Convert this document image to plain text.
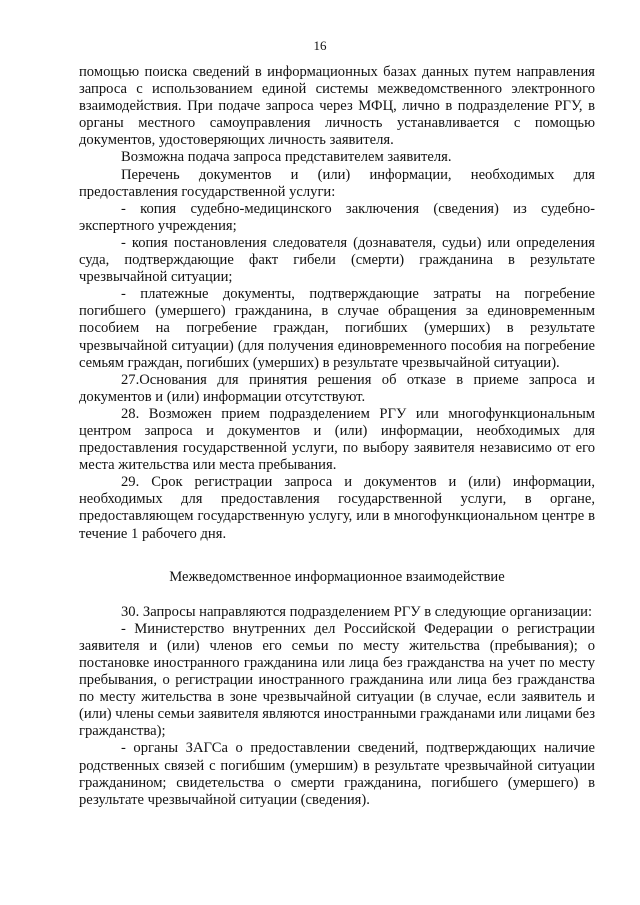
16

помощью поиска сведений в информационных базах данных путем направления запроса с использованием единой системы межведомственного электронного взаимодействия. При подаче запроса через МФЦ, лично в подразделение РГУ, в органы местного самоуправления личность устанавливается с помощью документов, удостоверяющих личность заявителя.

Возможна подача запроса представителем заявителя.

Перечень документов и (или) информации, необходимых для предоставления государственной услуги:

- копия судебно-медицинского заключения (сведения) из судебно-экспертного учреждения;

- копия постановления следователя (дознавателя, судьи) или определения суда, подтверждающие факт гибели (смерти) гражданина в результате чрезвычайной ситуации;

- платежные документы, подтверждающие затраты на погребение погибшего (умершего) гражданина, в случае обращения за единовременным пособием на погребение граждан, погибших (умерших) в результате чрезвычайной ситуации) (для получения единовременного пособия на погребение семьям граждан, погибших (умерших) в результате чрезвычайной ситуации).

27.Основания для принятия решения об отказе в приеме запроса и документов и (или) информации отсутствуют.

28. Возможен прием подразделением РГУ или многофункциональным центром запроса и документов и (или) информации, необходимых для предоставления государственной услуги, по выбору заявителя независимо от его места жительства или места пребывания.

29. Срок регистрации запроса и документов и (или) информации, необходимых для предоставления государственной услуги, в органе, предоставляющем государственную услугу, или в многофункциональном центре в течение 1 рабочего дня.

Межведомственное информационное взаимодействие

30. Запросы направляются подразделением РГУ в следующие организации:

- Министерство внутренних дел Российской Федерации о регистрации заявителя и (или) членов его семьи по месту жительства (пребывания); о постановке иностранного гражданина или лица без гражданства на учет по месту пребывания, о регистрации иностранного гражданина или лица без гражданства по месту жительства в зоне чрезвычайной ситуации (в случае, если заявитель и (или) члены семьи заявителя являются иностранными гражданами или лицами без гражданства);

- органы ЗАГСа о предоставлении сведений, подтверждающих наличие родственных связей с погибшим (умершим) в результате чрезвычайной ситуации гражданином; свидетельства о смерти гражданина, погибшего (умершего) в результате чрезвычайной ситуации (сведения).
